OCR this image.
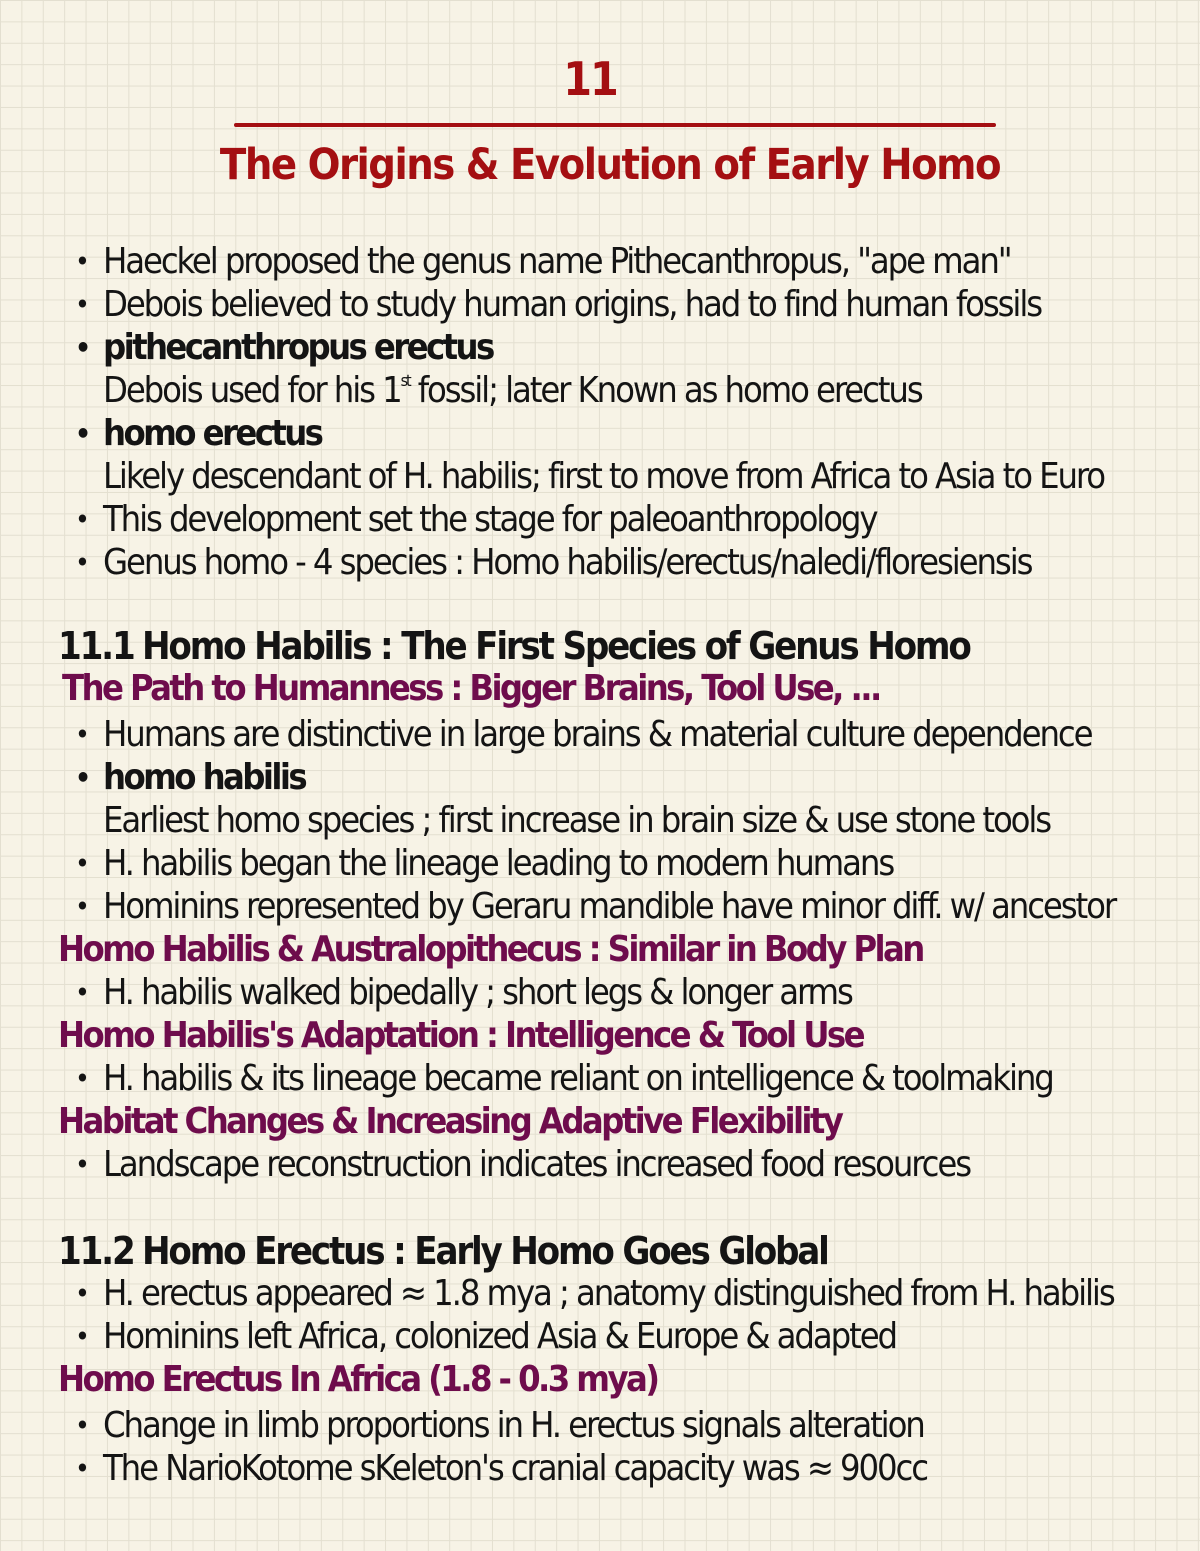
11
The Origins & Evolution of Early Homo
• Haeckel proposed the genus name Pithecanthropus, "ape man"
• Debois believed to study human origins, had to find human fossils
• pithecanthropus erectus
Debois used for his 1st fossil; later Known as homo erectus
• homo erectus
Likely descendant of H. habilis; first to move from Africa to Asia to Euro
• This development set the stage for paleoanthropology
• Genus homo - 4 species : Homo habilis/erectus/naledi/floresiensis
11.1 Homo Habilis : The First Species of Genus Homo
The Path to Humanness : Bigger Brains, Tool Use, ...
• Humans are distinctive in large brains & material culture dependence
• homo habilis
Earliest homo species ; first increase in brain size & use stone tools
• H. habilis began the lineage leading to modern humans
• Hominins represented by Geraru mandible have minor diff. w/ ancestor
Homo Habilis & Australopithecus : Similar in Body Plan
• H. habilis walked bipedally ; short legs & longer arms
Homo Habilis's Adaptation : Intelligence & Tool Use
• H. habilis & its lineage became reliant on intelligence & toolmaking
Habitat Changes & Increasing Adaptive Flexibility
• Landscape reconstruction indicates increased food resources
11.2 Homo Erectus : Early Homo Goes Global
• H. erectus appeared ≈ 1.8 mya ; anatomy distinguished from H. habilis
• Hominins left Africa, colonized Asia & Europe & adapted
Homo Erectus In Africa (1.8 - 0.3 mya)
• Change in limb proportions in H. erectus signals alteration
• The NarioKotome sKeleton's cranial capacity was ≈ 900cc
